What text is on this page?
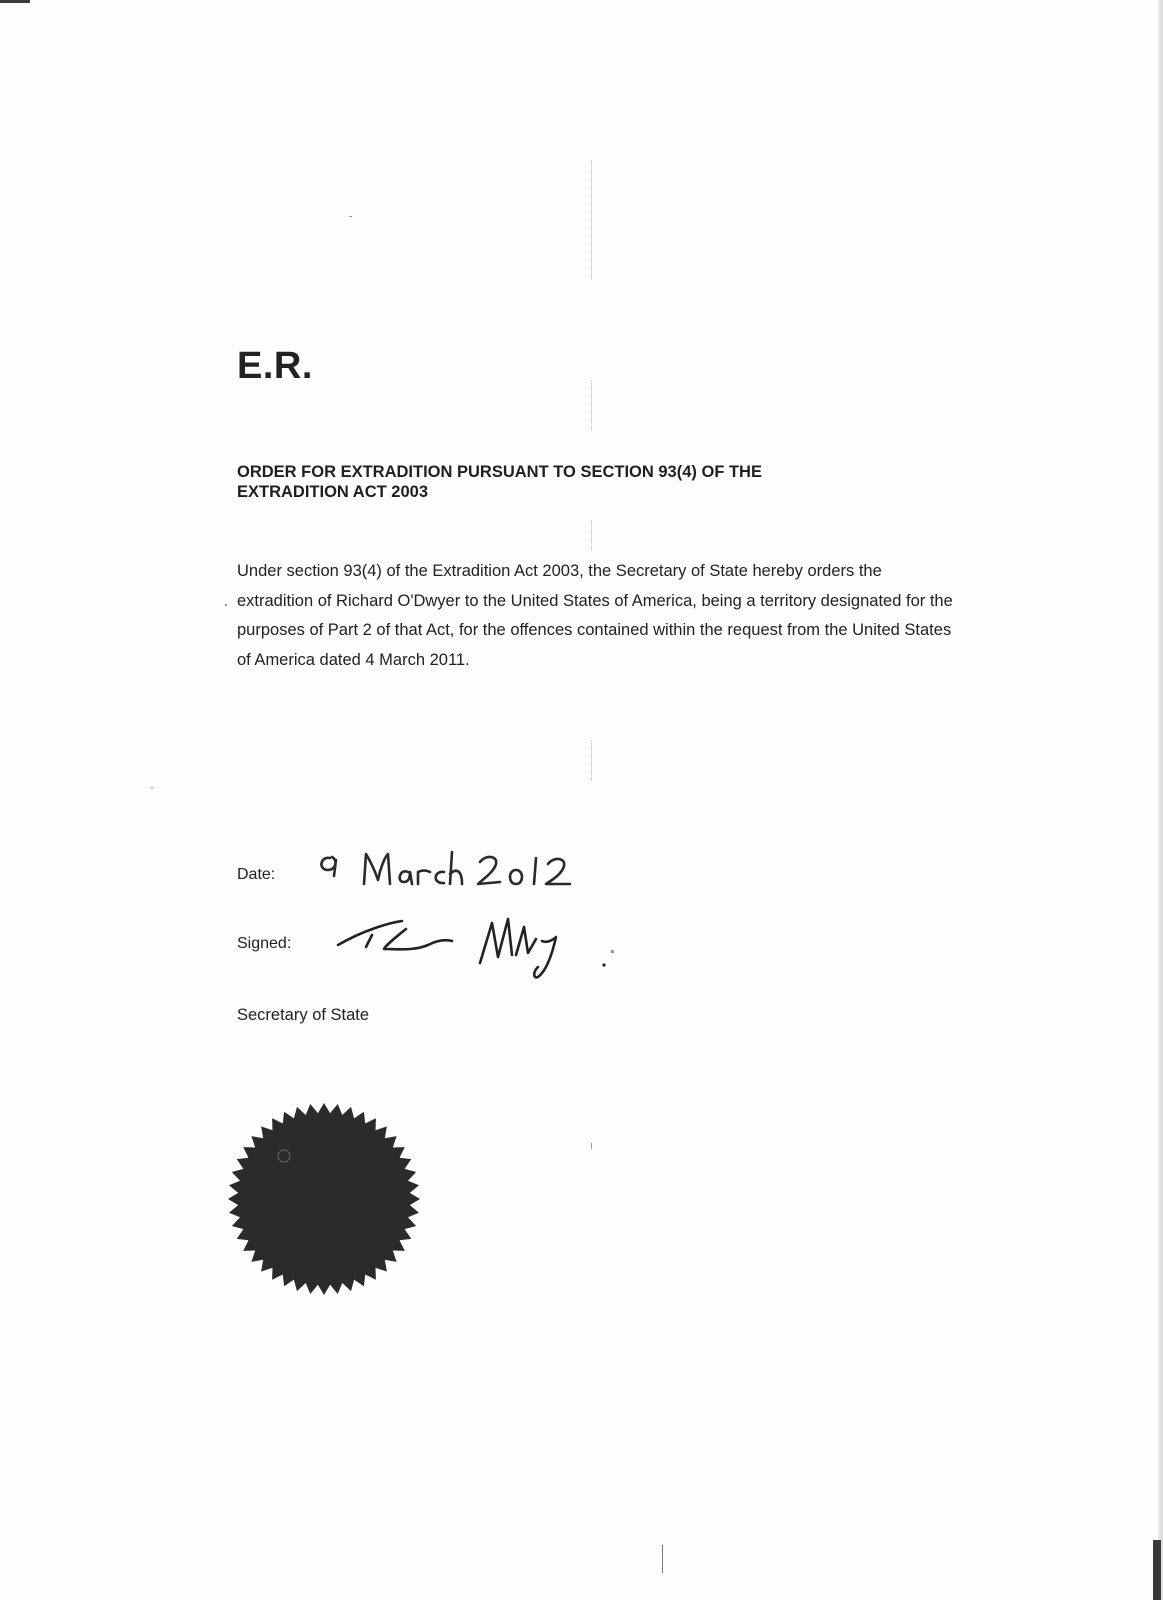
E.R.
ORDER FOR EXTRADITION PURSUANT TO SECTION 93(4) OF THE EXTRADITION ACT 2003
Under section 93(4) of the Extradition Act 2003, the Secretary of State hereby orders the extradition of Richard O'Dwyer to the United States of America, being a territory designated for the purposes of Part 2 of that Act, for the offences contained within the request from the United States of America dated 4 March 2011.
Date:
Signed:
Secretary of State
